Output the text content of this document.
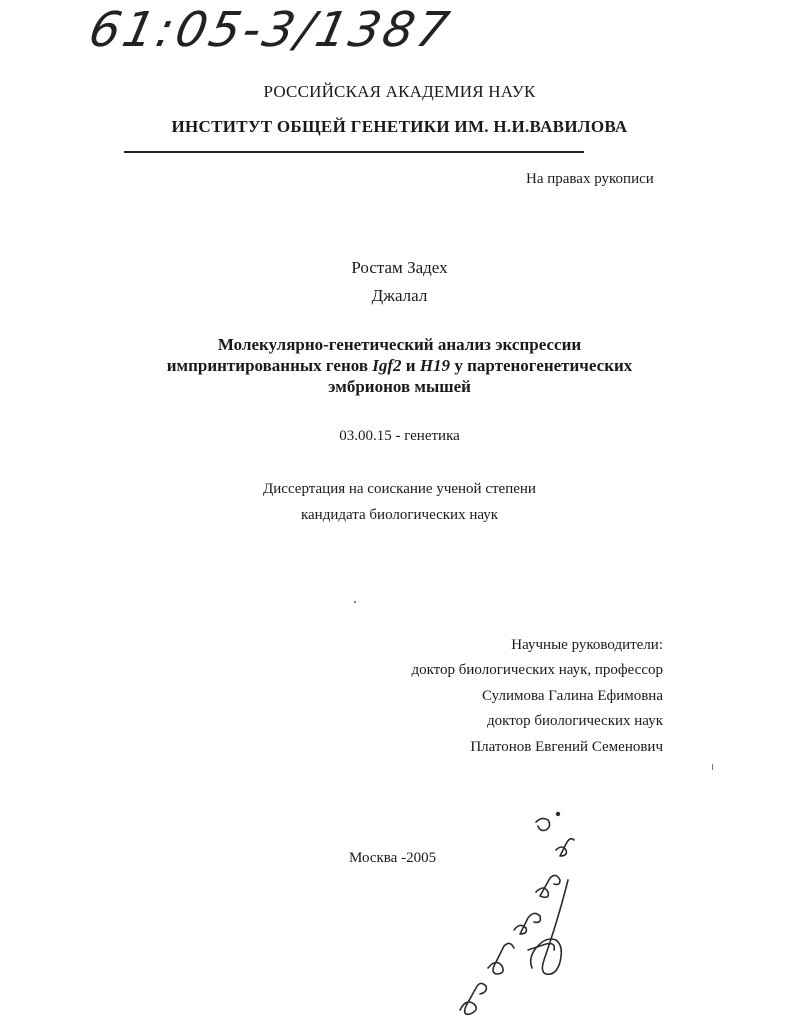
61:05-3/1387
РОССИЙСКАЯ АКАДЕМИЯ НАУК
ИНСТИТУТ ОБЩЕЙ ГЕНЕТИКИ ИМ. Н.И.ВАВИЛОВА
На правах рукописи
Ростам Задех
Джалал
Молекулярно-генетический анализ экспрессии
импринтированных генов Igf2 и H19 у партеногенетических
эмбрионов мышей
03.00.15 - генетика
Диссертация на соискание ученой степени
кандидата биологических наук
Научные руководители:
доктор биологических наук, профессор
Сулимова Галина Ефимовна
доктор биологических наук
Платонов Евгений Семенович
Москва -2005
